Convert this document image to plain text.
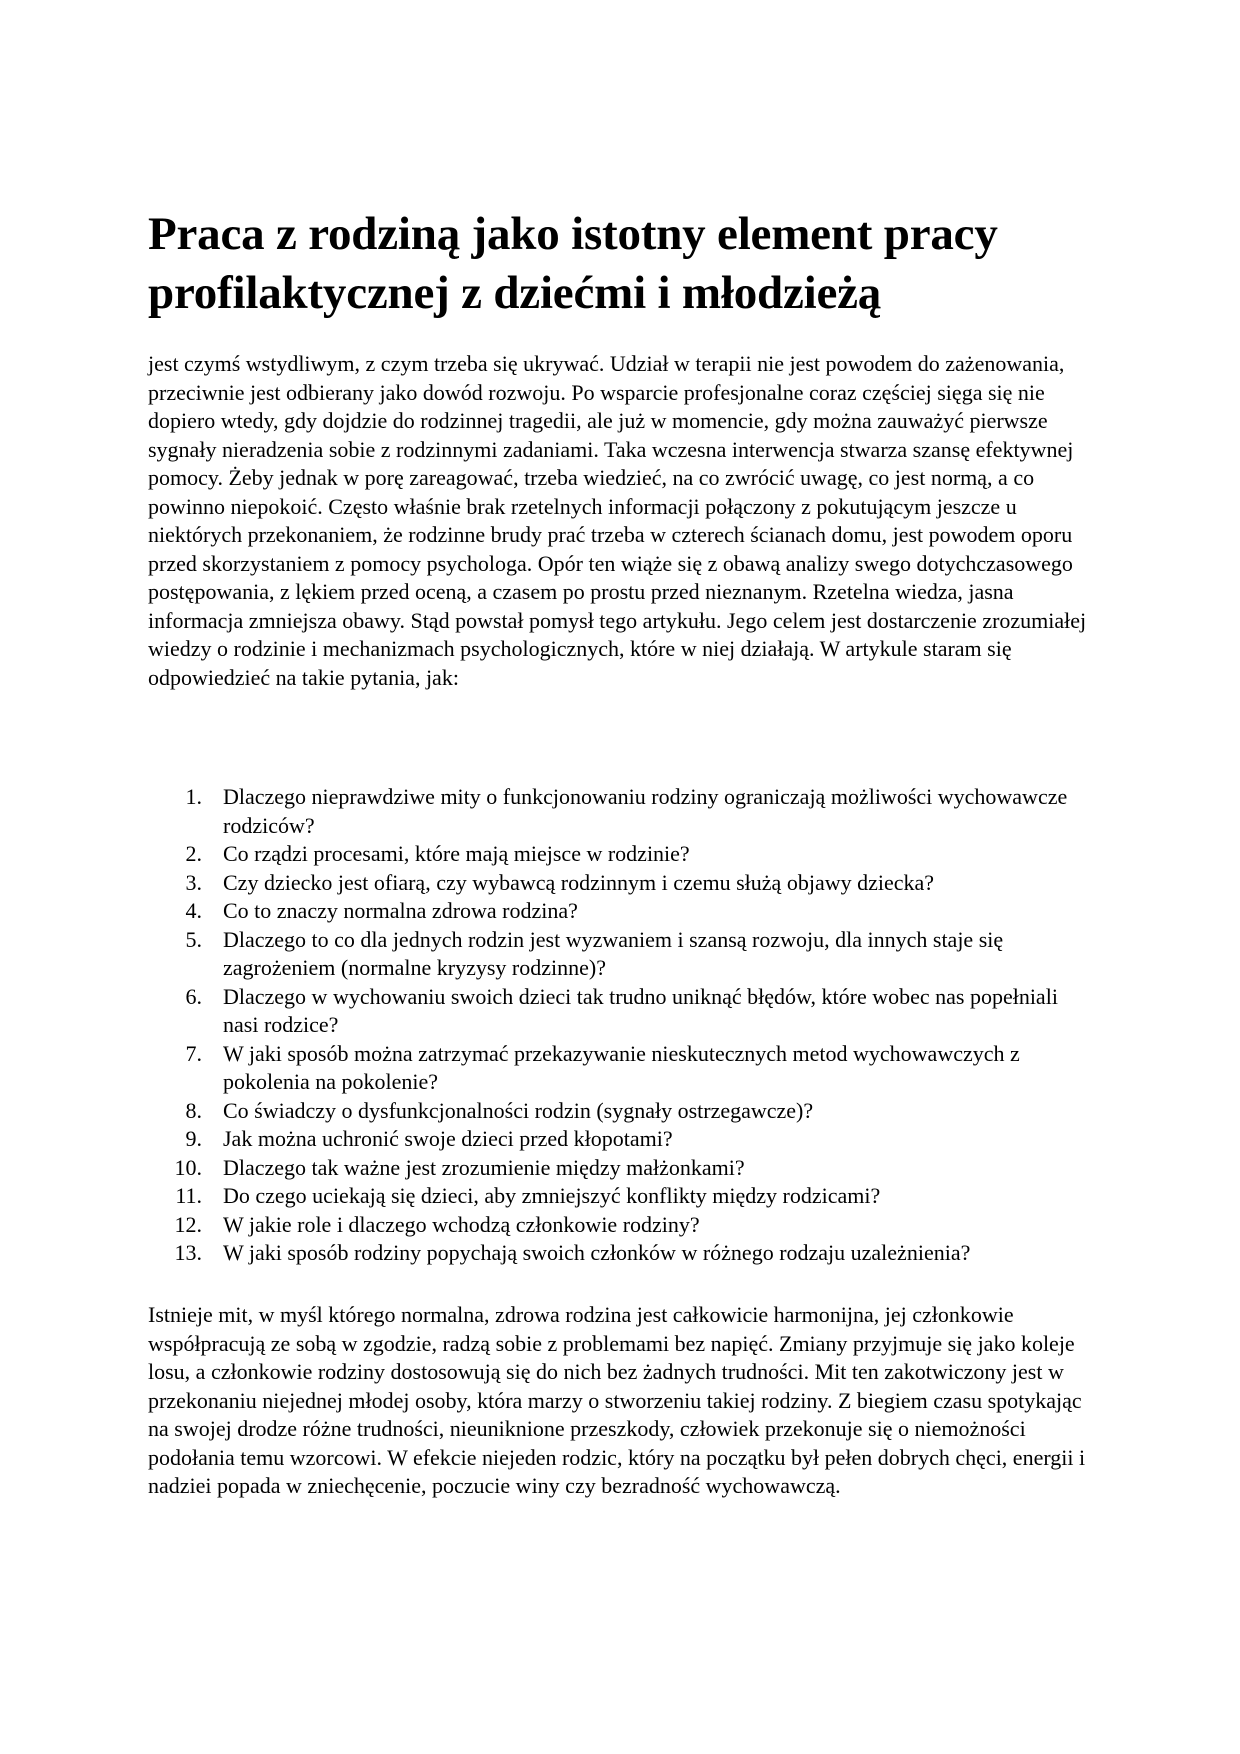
Praca z rodziną jako istotny element pracy profilaktycznej z dziećmi i młodzieżą

jest czymś wstydliwym, z czym trzeba się ukrywać. Udział w terapii nie jest powodem do zażenowania, przeciwnie jest odbierany jako dowód rozwoju. Po wsparcie profesjonalne coraz częściej sięga się nie dopiero wtedy, gdy dojdzie do rodzinnej tragedii, ale już w momencie, gdy można zauważyć pierwsze sygnały nieradzenia sobie z rodzinnymi zadaniami. Taka wczesna interwencja stwarza szansę efektywnej pomocy. Żeby jednak w porę zareagować, trzeba wiedzieć, na co zwrócić uwagę, co jest normą, a co powinno niepokoić. Często właśnie brak rzetelnych informacji połączony z pokutującym jeszcze u niektórych przekonaniem, że rodzinne brudy prać trzeba w czterech ścianach domu, jest powodem oporu przed skorzystaniem z pomocy psychologa. Opór ten wiąże się z obawą analizy swego dotychczasowego postępowania, z lękiem przed oceną, a czasem po prostu przed nieznanym. Rzetelna wiedza, jasna informacja zmniejsza obawy. Stąd powstał pomysł tego artykułu. Jego celem jest dostarczenie zrozumiałej wiedzy o rodzinie i mechanizmach psychologicznych, które w niej działają. W artykule staram się odpowiedzieć na takie pytania, jak:

1. Dlaczego nieprawdziwe mity o funkcjonowaniu rodziny ograniczają możliwości wychowawcze rodziców?
2. Co rządzi procesami, które mają miejsce w rodzinie?
3. Czy dziecko jest ofiarą, czy wybawcą rodzinnym i czemu służą objawy dziecka?
4. Co to znaczy normalna zdrowa rodzina?
5. Dlaczego to co dla jednych rodzin jest wyzwaniem i szansą rozwoju, dla innych staje się zagrożeniem (normalne kryzysy rodzinne)?
6. Dlaczego w wychowaniu swoich dzieci tak trudno uniknąć błędów, które wobec nas popełniali nasi rodzice?
7. W jaki sposób można zatrzymać przekazywanie nieskutecznych metod wychowawczych z pokolenia na pokolenie?
8. Co świadczy o dysfunkcjonalności rodzin (sygnały ostrzegawcze)?
9. Jak można uchronić swoje dzieci przed kłopotami?
10. Dlaczego tak ważne jest zrozumienie między małżonkami?
11. Do czego uciekają się dzieci, aby zmniejszyć konflikty między rodzicami?
12. W jakie role i dlaczego wchodzą członkowie rodziny?
13. W jaki sposób rodziny popychają swoich członków w różnego rodzaju uzależnienia?

Istnieje mit, w myśl którego normalna, zdrowa rodzina jest całkowicie harmonijna, jej członkowie współpracują ze sobą w zgodzie, radzą sobie z problemami bez napięć. Zmiany przyjmuje się jako koleje losu, a członkowie rodziny dostosowują się do nich bez żadnych trudności. Mit ten zakotwiczony jest w przekonaniu niejednej młodej osoby, która marzy o stworzeniu takiej rodziny. Z biegiem czasu spotykając na swojej drodze różne trudności, nieuniknione przeszkody, człowiek przekonuje się o niemożności podołania temu wzorcowi. W efekcie niejeden rodzic, który na początku był pełen dobrych chęci, energii i nadziei popada w zniechęcenie, poczucie winy czy bezradność wychowawczą.
